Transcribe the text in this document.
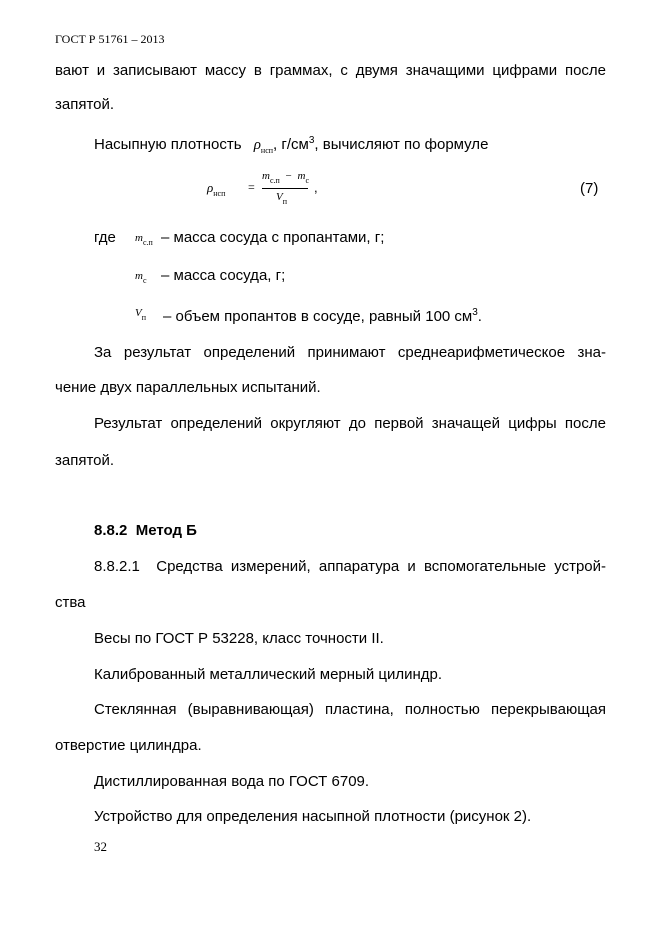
ГОСТ Р 51761 – 2013
вают и записывают массу в граммах, с двумя значащими цифрами после
запятой.
Насыпную плотность $\rho_{нсп}$, $г/см^3$, вычисляют по формуле
$\rho_{нсп}$ =
$m_{с.п} - m_с$
$V_п$
,	(7)
где $m_{с.п}$ – масса сосуда с пропантами, г;
$m_с$ – масса сосуда, г;
$V_п$ – объем пропантов в сосуде, равный 100 $см^3$.
За результат определений принимают среднеарифметическое зна-
чение двух параллельных испытаний.
Результат определений округляют до первой значащей цифры после
запятой.
8.8.2  Метод Б
8.8.2.1  Средства измерений, аппаратура и вспомогательные устрой-
ства
Весы по ГОСТ Р 53228, класс точности II.
Калиброванный металлический мерный цилиндр.
Стеклянная (выравнивающая) пластина, полностью перекрывающая
отверстие цилиндра.
Дистиллированная вода по ГОСТ 6709.
Устройство для определения насыпной плотности (рисунок 2).
32
